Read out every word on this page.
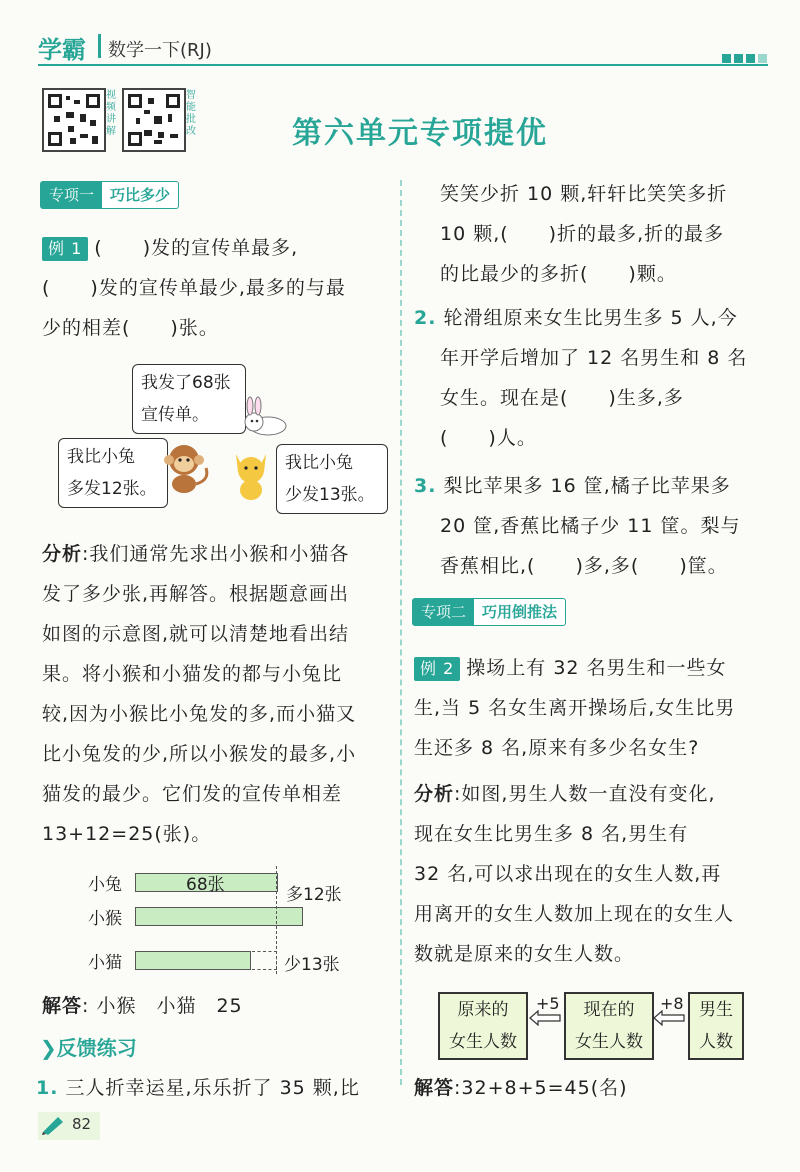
学霸 数学一下(RJ)
视频讲解
智能批改	第六单元专项提优
专项一	巧比多少

例 1 (　　)发的宣传单最多,

(　　)发的宣传单最少,最多的与最

少的相差(　　)张。

我发了68张
宣传单。
我比小兔
多发12张。
我比小兔
少发13张。

分析:我们通常先求出小猴和小猫各

发了多少张,再解答。根据题意画出

如图的示意图,就可以清楚地看出结

果。将小猴和小猫发的都与小兔比

较,因为小猴比小兔发的多,而小猫又

比小兔发的少,所以小猴发的最多,小

猫发的最少。它们发的宣传单相差

13+12=25(张)。

小兔
小猴
小猫
68张	多12张
少13张
解答: 小猴　小猫　25
❯反馈练习
1. 三人折幸运星,乐乐折了 35 颗,比

笑笑少折 10 颗,轩轩比笑笑多折

10 颗,(　　)折的最多,折的最多

的比最少的多折(　　)颗。

2. 轮滑组原来女生比男生多 5 人,今

年开学后增加了 12 名男生和 8 名

女生。现在是(　　)生多,多

(　　)人。

3. 梨比苹果多 16 筐,橘子比苹果多

20 筐,香蕉比橘子少 11 筐。梨与

香蕉相比,(　　)多,多(　　)筐。

专项二	巧用倒推法

例 2 操场上有 32 名男生和一些女

生,当 5 名女生离开操场后,女生比男

生还多 8 名,原来有多少名女生?

分析:如图,男生人数一直没有变化,

现在女生比男生多 8 名,男生有

32 名,可以求出现在的女生人数,再

用离开的女生人数加上现在的女生人

数就是原来的女生人数。

原来的
女生人数
+5	现在的
女生人数
+8 男生
人数
解答:32+8+5=45(名)
82
